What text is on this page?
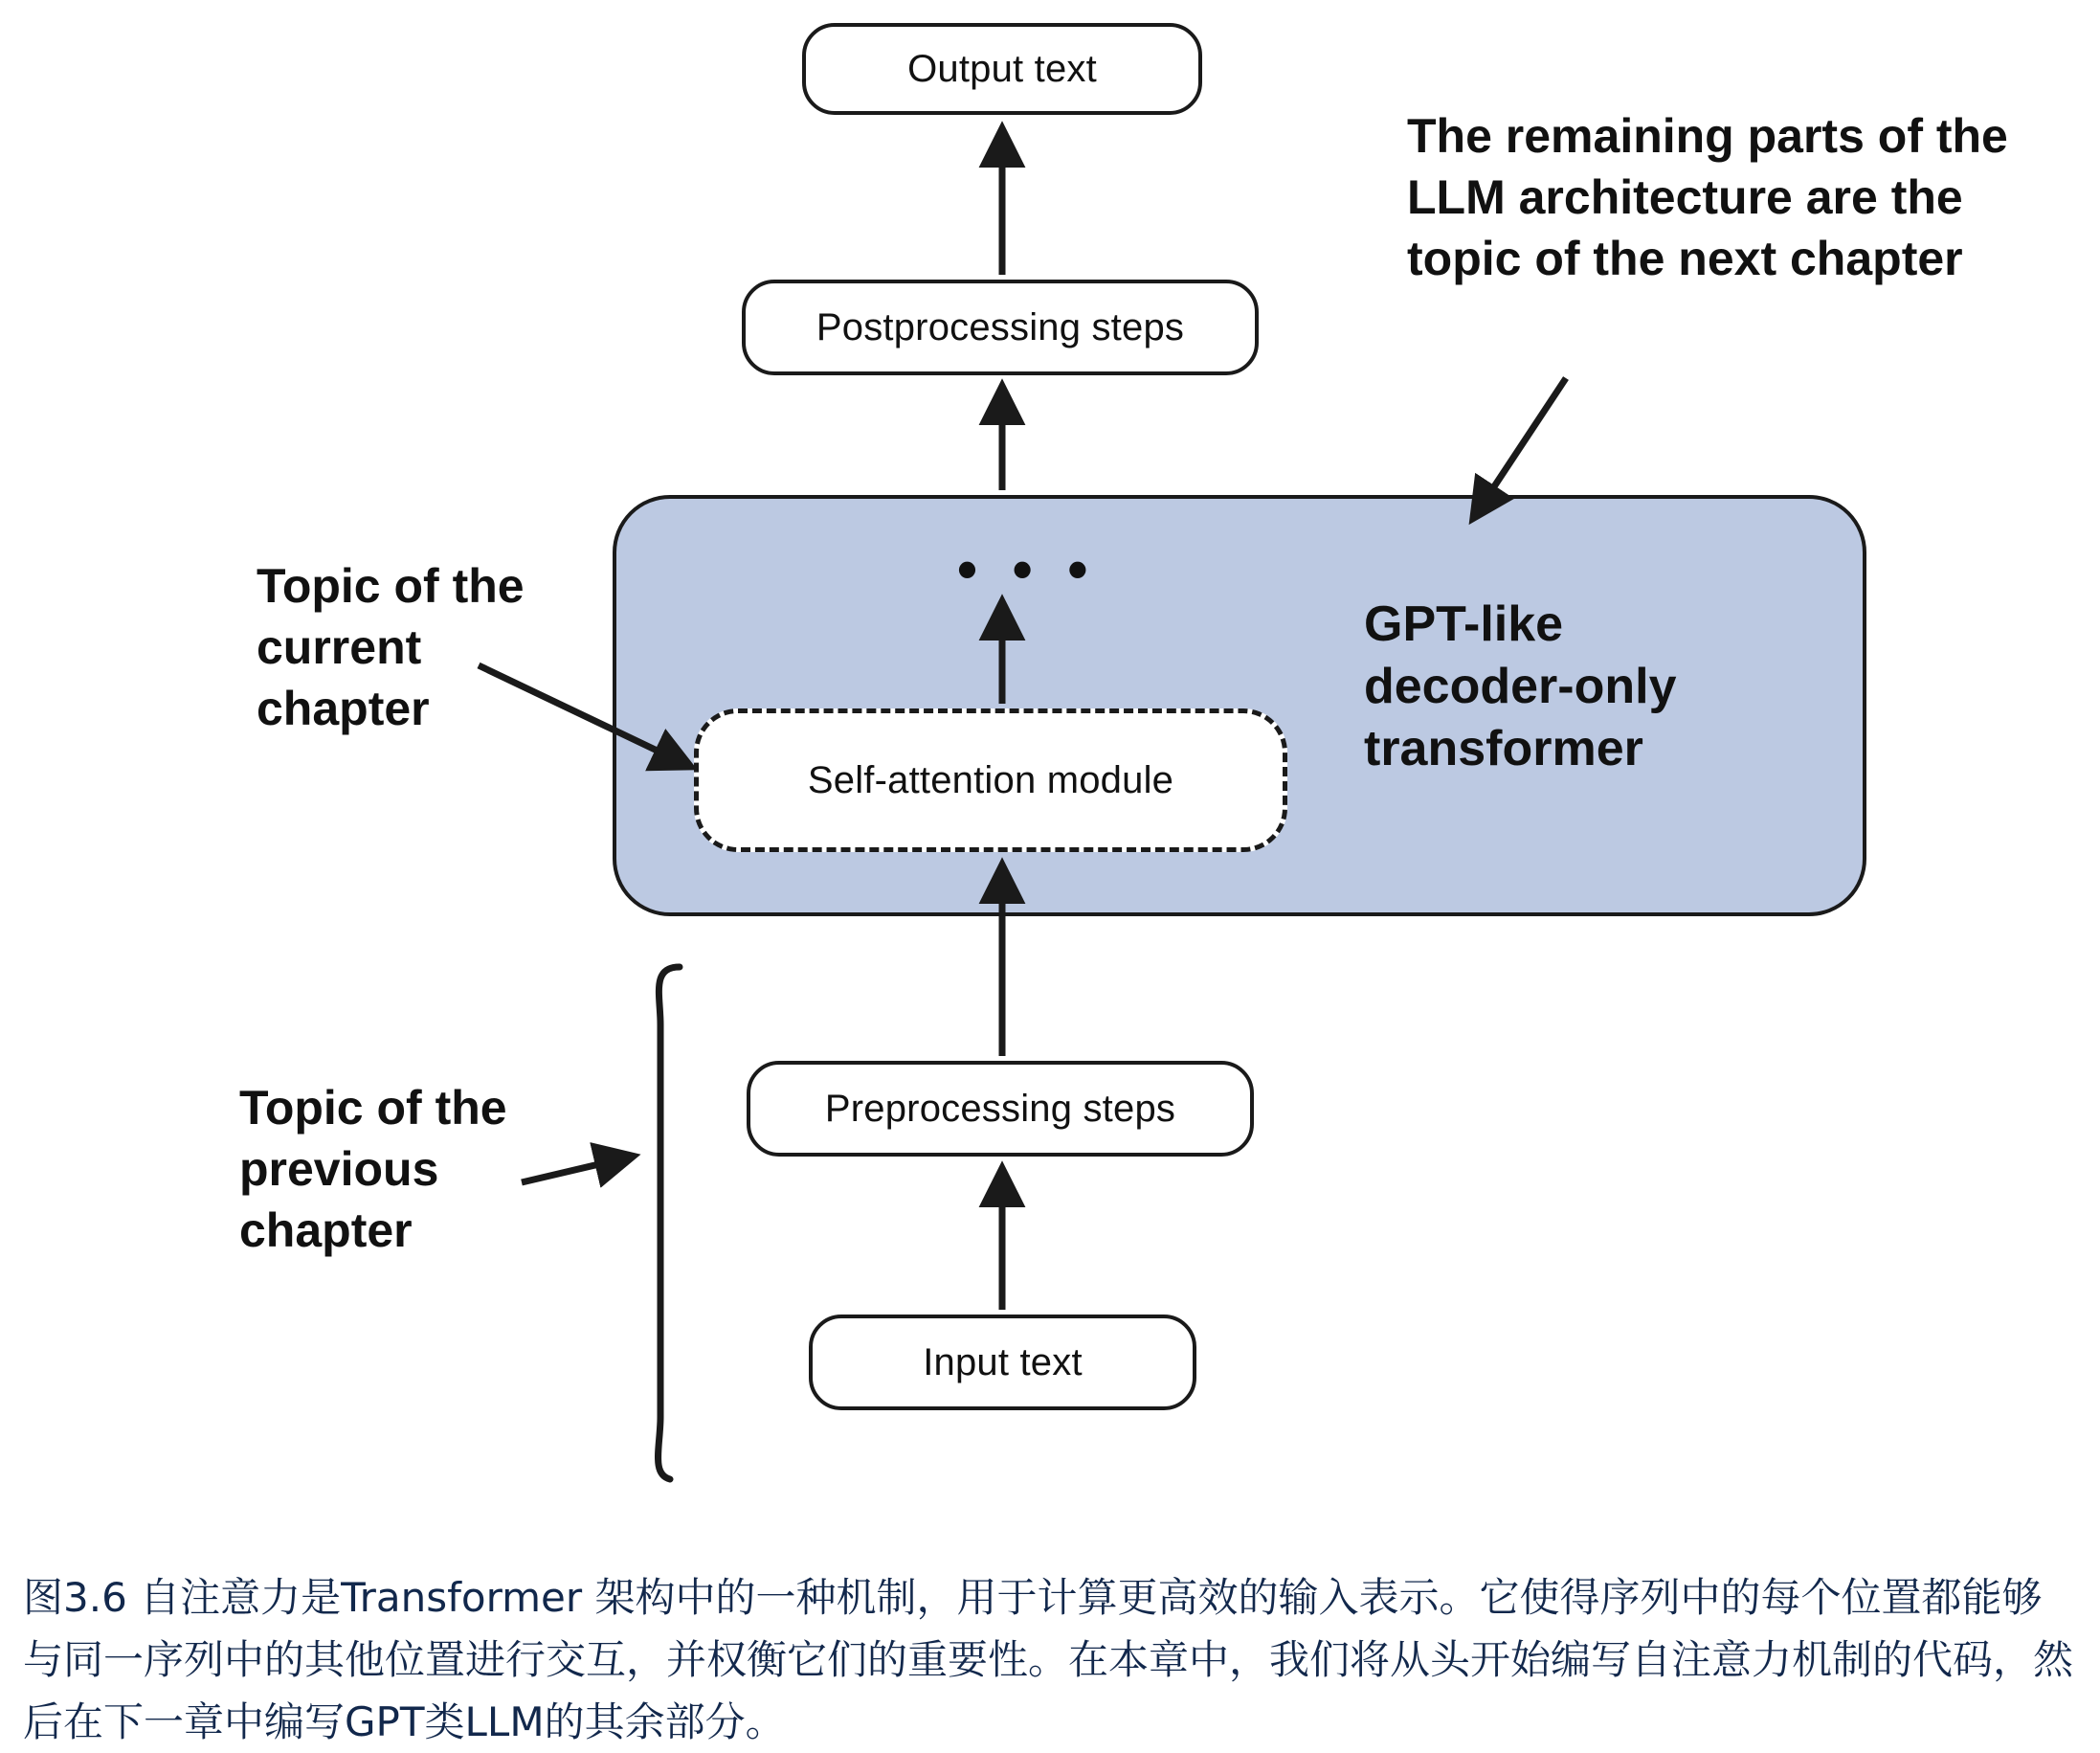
GPT-like
decoder-only
transformer
• • •
Output text
Postprocessing steps
Self-attention module
Preprocessing steps
Input text
The remaining parts of the
LLM architecture are the
topic of the next chapter
Topic of the
current
chapter
Topic of the
previous
chapter
图3.6 自注意力是Transformer 架构中的一种机制，用于计算更高效的输入表示。它使得序列中的每个位置都能够与同一序列中的其他位置进行交互，并权衡它们的重要性。在本章中，我们将从头开始编写自注意力机制的代码，然后在下一章中编写GPT类LLM的其余部分。
